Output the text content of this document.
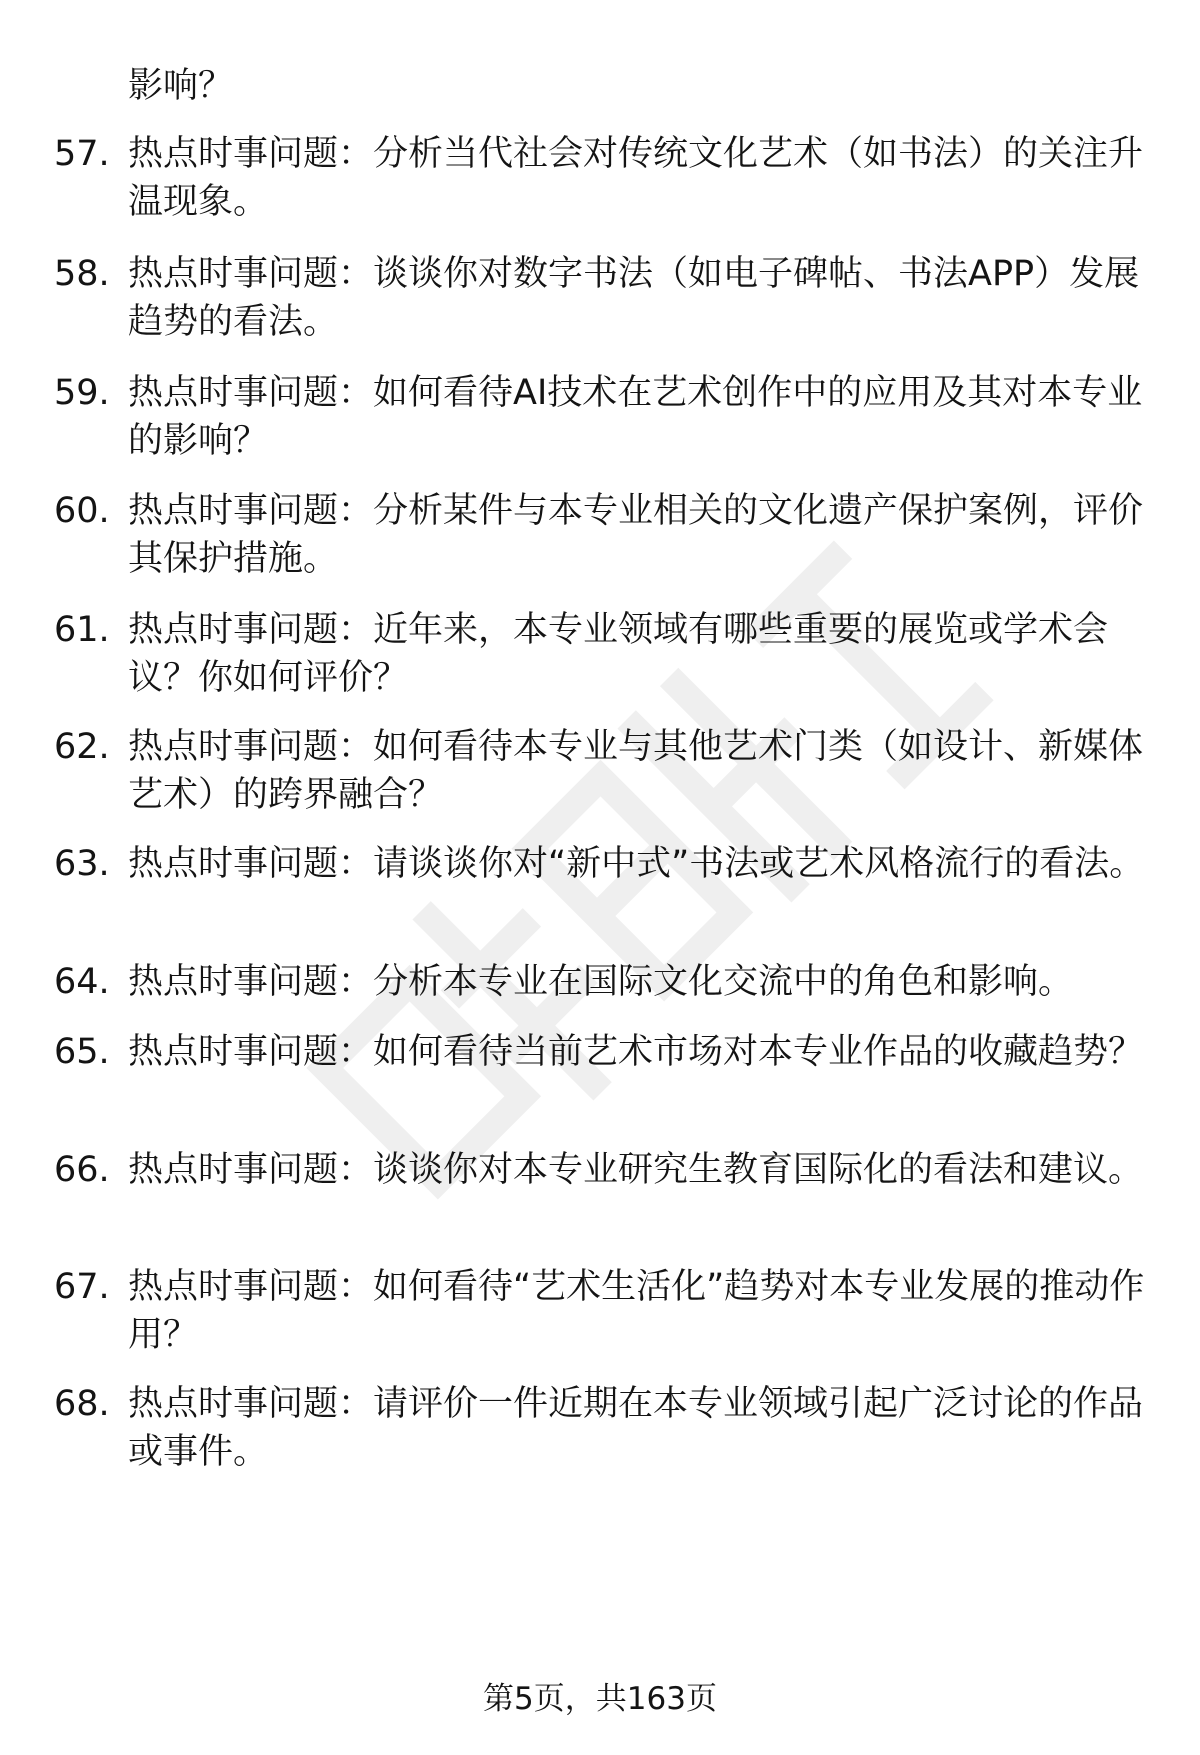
影响？
57. 热点时事问题：分析当代社会对传统文化艺术（如书法）的关注升温现象。
58. 热点时事问题：谈谈你对数字书法（如电子碑帖、书法APP）发展趋势的看法。
59. 热点时事问题：如何看待AI技术在艺术创作中的应用及其对本专业的影响？
60. 热点时事问题：分析某件与本专业相关的文化遗产保护案例，评价其保护措施。
61. 热点时事问题：近年来，本专业领域有哪些重要的展览或学术会议？你如何评价？
62. 热点时事问题：如何看待本专业与其他艺术门类（如设计、新媒体艺术）的跨界融合？
63. 热点时事问题：请谈谈你对“新中式”书法或艺术风格流行的看法。
64. 热点时事问题：分析本专业在国际文化交流中的角色和影响。
65. 热点时事问题：如何看待当前艺术市场对本专业作品的收藏趋势？
66. 热点时事问题：谈谈你对本专业研究生教育国际化的看法和建议。
67. 热点时事问题：如何看待“艺术生活化”趋势对本专业发展的推动作用？
68. 热点时事问题：请评价一件近期在本专业领域引起广泛讨论的作品或事件。
第5页，共163页
